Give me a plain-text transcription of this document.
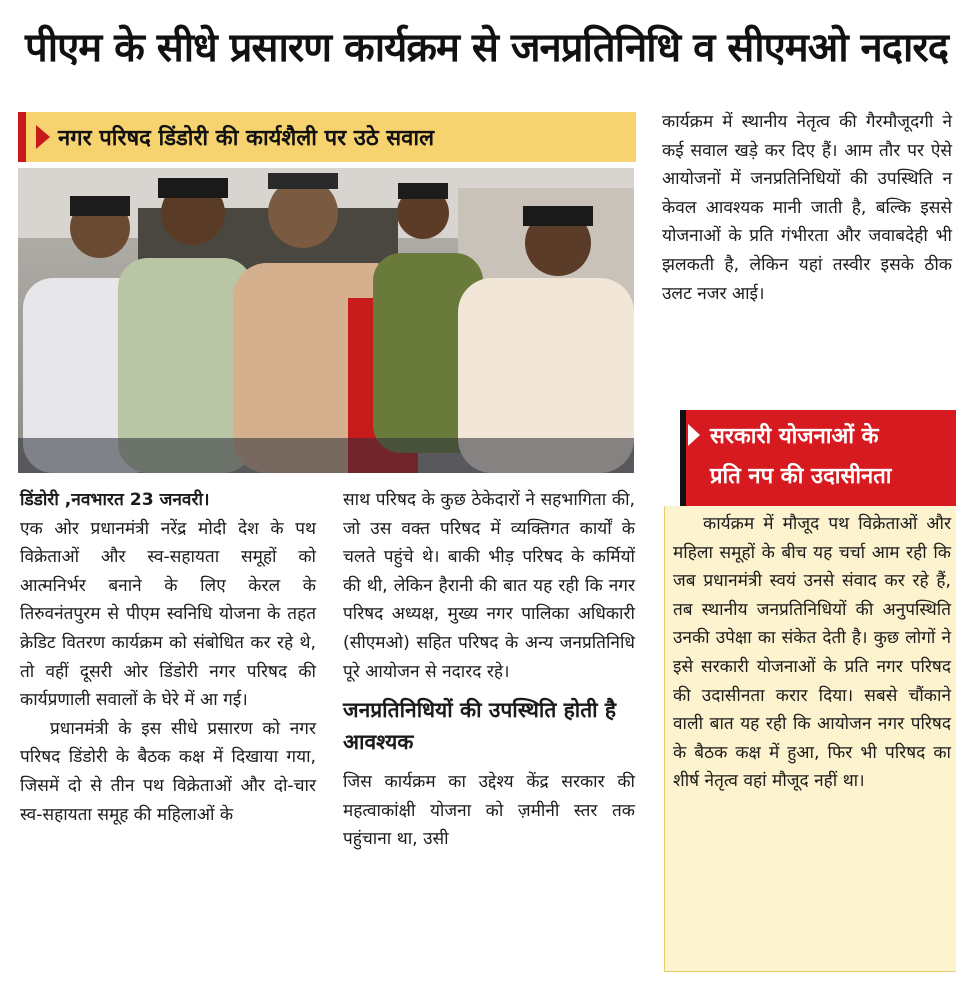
पीएम के सीधे प्रसारण कार्यक्रम से जनप्रतिनिधि व सीएमओ नदारद
नगर परिषद डिंडोरी की कार्यशैली पर उठे सवाल

डिंडोरी ,नवभारत 23 जनवरी।

एक ओर प्रधानमंत्री नरेंद्र मोदी देश के पथ विक्रेताओं और स्व-सहायता समूहों को आत्मनिर्भर बनाने के लिए केरल के तिरुवनंतपुरम से पीएम स्वनिधि योजना के तहत क्रेडिट वितरण कार्यक्रम को संबोधित कर रहे थे, तो वहीं दूसरी ओर डिंडोरी नगर परिषद की कार्यप्रणाली सवालों के घेरे में आ गई।

प्रधानमंत्री के इस सीधे प्रसारण को नगर परिषद डिंडोरी के बैठक कक्ष में दिखाया गया, जिसमें दो से तीन पथ विक्रेताओं और दो-चार स्व-सहायता समूह की महिलाओं के

साथ परिषद के कुछ ठेकेदारों ने सहभागिता की, जो उस वक्त परिषद में व्यक्तिगत कार्यों के चलते पहुंचे थे। बाकी भीड़ परिषद के कर्मियों की थी, लेकिन हैरानी की बात यह रही कि नगर परिषद अध्यक्ष, मुख्य नगर पालिका अधिकारी (सीएमओ) सहित परिषद के अन्य जनप्रतिनिधि पूरे आयोजन से नदारद रहे।

जनप्रतिनिधियों की उपस्थिति होती है आवश्यक

जिस कार्यक्रम का उद्देश्य केंद्र सरकार की महत्वाकांक्षी योजना को ज़मीनी स्तर तक पहुंचाना था, उसी

कार्यक्रम में स्थानीय नेतृत्व की गैरमौजूदगी ने कई सवाल खड़े कर दिए हैं। आम तौर पर ऐसे आयोजनों में जनप्रतिनिधियों की उपस्थिति न केवल आवश्यक मानी जाती है, बल्कि इससे योजनाओं के प्रति गंभीरता और जवाबदेही भी झलकती है, लेकिन यहां तस्वीर इसके ठीक उलट नजर आई।

सरकारी योजनाओं के
प्रति नप की उदासीनता

कार्यक्रम में मौजूद पथ विक्रेताओं और महिला समूहों के बीच यह चर्चा आम रही कि जब प्रधानमंत्री स्वयं उनसे संवाद कर रहे हैं, तब स्थानीय जनप्रतिनिधियों की अनुपस्थिति उनकी उपेक्षा का संकेत देती है। कुछ लोगों ने इसे सरकारी योजनाओं के प्रति नगर परिषद की उदासीनता करार दिया। सबसे चौंकाने वाली बात यह रही कि आयोजन नगर परिषद के बैठक कक्ष में हुआ, फिर भी परिषद का शीर्ष नेतृत्व वहां मौजूद नहीं था।
